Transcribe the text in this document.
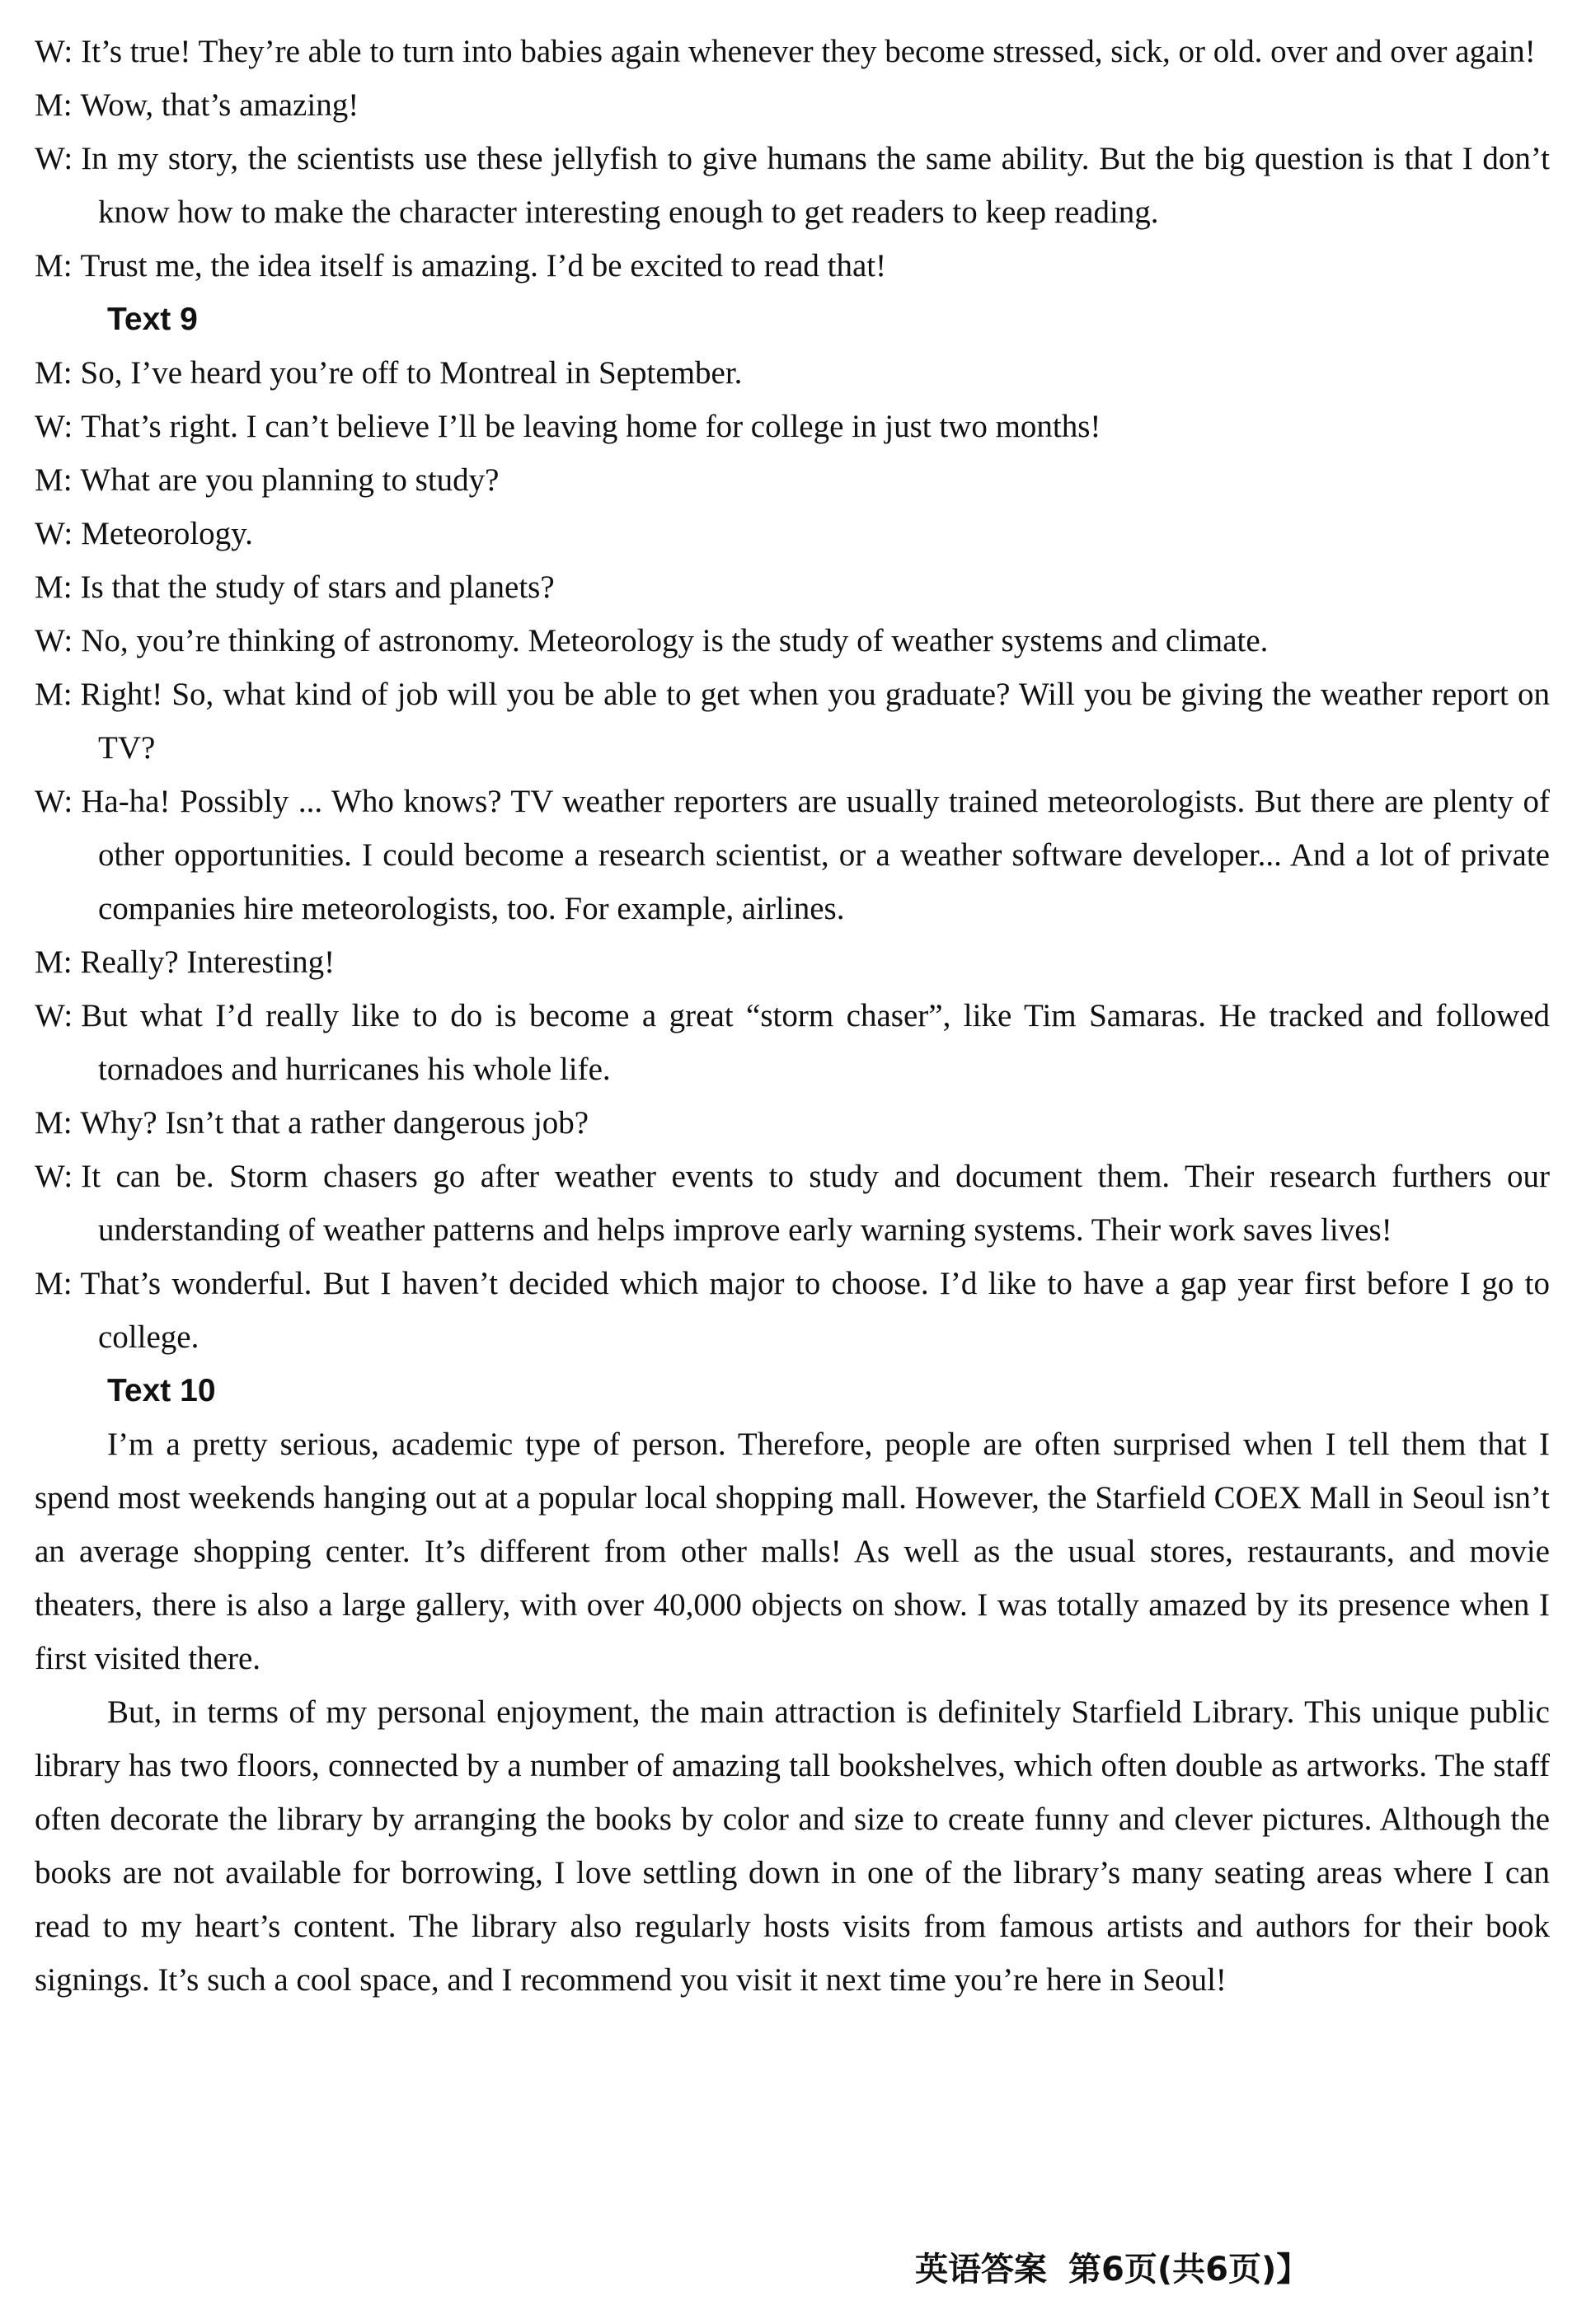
W: It’s true! They’re able to turn into babies again whenever they become stressed, sick, or old. over and over again!

M: Wow, that’s amazing!

W: In my story, the scientists use these jellyfish to give humans the same ability. But the big question is that I don’t know how to make the character interesting enough to get readers to keep reading.

M: Trust me, the idea itself is amazing. I’d be excited to read that!

Text 9

M: So, I’ve heard you’re off to Montreal in September.

W: That’s right. I can’t believe I’ll be leaving home for college in just two months!

M: What are you planning to study?

W: Meteorology.

M: Is that the study of stars and planets?

W: No, you’re thinking of astronomy. Meteorology is the study of weather systems and climate.

M: Right! So, what kind of job will you be able to get when you graduate? Will you be giving the weather report on TV?

W: Ha-ha! Possibly ... Who knows? TV weather reporters are usually trained meteorologists. But there are plenty of other opportunities. I could become a research scientist, or a weather software developer... And a lot of private companies hire meteorologists, too. For example, airlines.

M: Really? Interesting!

W: But what I’d really like to do is become a great “storm chaser”, like Tim Samaras. He tracked and followed tornadoes and hurricanes his whole life.

M: Why? Isn’t that a rather dangerous job?

W: It can be. Storm chasers go after weather events to study and document them. Their research furthers our understanding of weather patterns and helps improve early warning systems. Their work saves lives!

M: That’s wonderful. But I haven’t decided which major to choose. I’d like to have a gap year first before I go to college.

Text 10

I’m a pretty serious, academic type of person. Therefore, people are often surprised when I tell them that I spend most weekends hanging out at a popular local shopping mall. However, the Starfield COEX Mall in Seoul isn’t an average shopping center. It’s different from other malls! As well as the usual stores, restaurants, and movie theaters, there is also a large gallery, with over 40,000 objects on show. I was totally amazed by its presence when I first visited there.

But, in terms of my personal enjoyment, the main attraction is definitely Starfield Library. This unique public library has two floors, connected by a number of amazing tall bookshelves, which often double as artworks. The staff often decorate the library by arranging the books by color and size to create funny and clever pictures. Although the books are not available for borrowing, I love settling down in one of the library’s many seating areas where I can read to my heart’s content. The library also regularly hosts visits from famous artists and authors for their book signings. It’s such a cool space, and I recommend you visit it next time you’re here in Seoul!

英语答案 第6页(共6页)】
